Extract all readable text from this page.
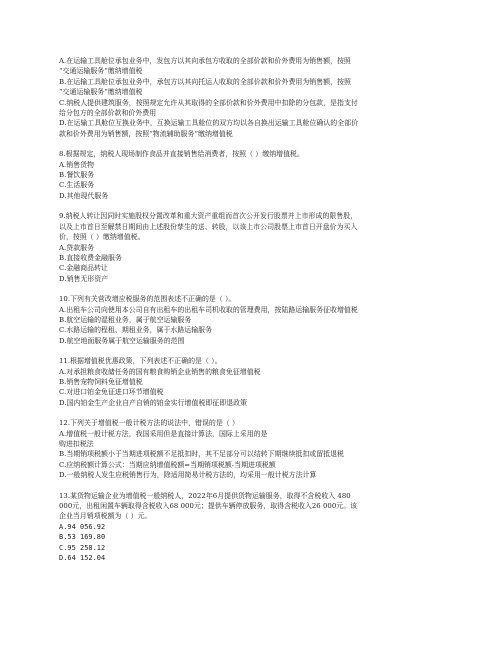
A.在运输工具舱位承包业务中，发包方以其向承包方收取的全部价款和价外费用为销售额，按照
“交通运输服务”缴纳增值税
B.在运输工具舱位承包业务中，承包方以其向托运人收取的全部价款和价外费用为销售额，按照
“交通运输服务”缴纳增值税
C.纳税人提供建筑服务，按照规定允许从其取得的全部价款和价外费用中扣除的分包款，是指支付
给分包方的全部价款和价外费用
D.在运输工具舱位互换业务中，互换运输工具舱位的双方均以各自换出运输工具舱位确认的全部价
款和价外费用为销售额，按照“物流辅助服务”缴纳增值税
8.根据规定，纳税人现场制作食品并直接销售给消费者，按照（ ）缴纳增值税。
A.销售货物
B.餐饮服务
C.生活服务
D.其他现代服务
9.纳税人转让因同时实施股权分置改革和重大资产重组而首次公开发行股票并上市形成的限售股，
以及上市首日至解禁日期间由上述股份孳生的送、转股，以该上市公司股票上市首日开盘价为买入
价，按照（ ）缴纳增值税。
A.贷款服务
B.直接收费金融服务
C.金融商品转让
D.销售无形资产
10.下列有关营改增应税服务的范围表述不正确的是（ ）。
A.出租车公司向使用本公司自有出租车的出租车司机收取的管理费用，按陆路运输服务征收增值税
B.航空运输的湿租业务，属于航空运输服务
C.水路运输的程租、期租业务，属于水路运输服务
D.航空地面服务属于航空运输服务的范围
11.根据增值税优惠政策，下列表述不正确的是（ ）。
A.对承担粮食收储任务的国有粮食购销企业销售的粮食免征增值税
B.销售宠物饲料免征增值税
C.对进口铂金免征进口环节增值税
D.国内铂金生产企业自产自销的铂金实行增值税即征即退政策
12.下列关于增值税一般计税方法的说法中，错误的是（ ）
A.增值税一般计税方法，我国采用但是直接计算法，国际上采用的是
购进扣税法
B.当期销项税额小于当期进项税额不足抵扣时，其不足部分可以结转下期继续抵扣或留抵退税
C.应纳税额计算公式：当期应纳增值税额=当期销项税额-当期进项税额
D.一般纳税人发生应税销售行为，除适用简易计税方法的，均采用一般计税方法计算
13.某货物运输企业为增值税一般纳税人，2022年6月提供货物运输服务，取得不含税收入 480
000元，出租闲置车辆取得含税收入68 000元；提供车辆停放服务，取得含税收入26 000元。该
企业当月销项税额为（ ）元。
A.94 056.92
B.53 169.80
C.95 258.12
D.64 152.04
